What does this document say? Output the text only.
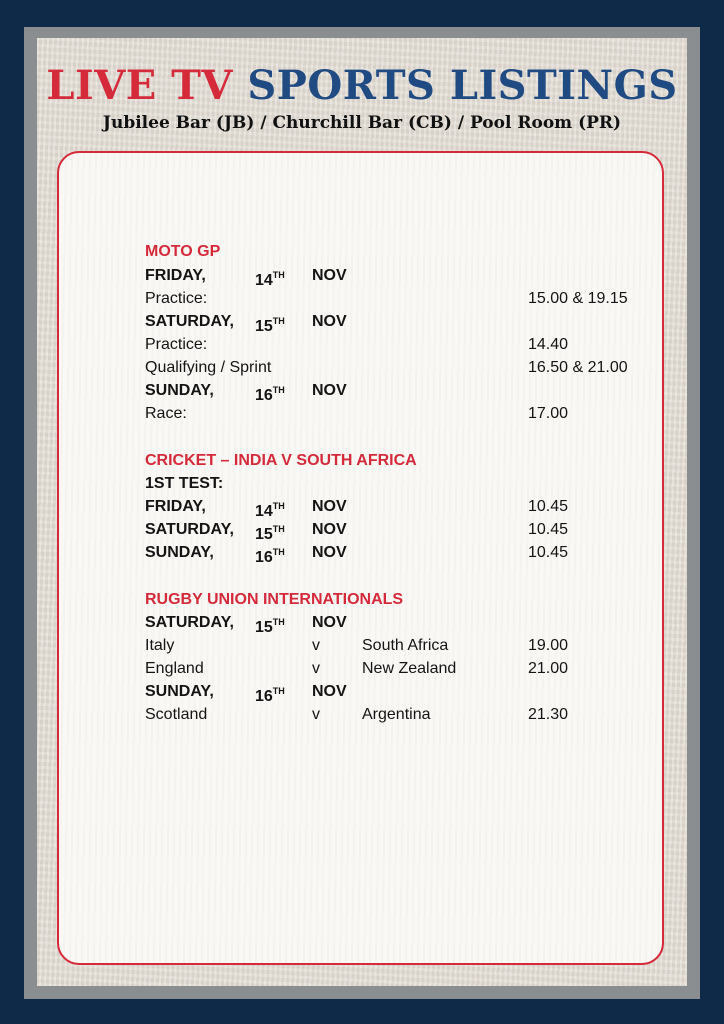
LIVE TV SPORTS LISTINGS
Jubilee Bar (JB) / Churchill Bar (CB) / Pool Room (PR)
MOTO GP
FRIDAY,	14TH NOV
Practice:	15.00 & 19.15
SATURDAY, 15TH NOV
Practice:	14.40
Qualifying / Sprint	16.50 & 21.00
SUNDAY,	16TH NOV
Race:	17.00
CRICKET – INDIA V SOUTH AFRICA
1ST TEST:
FRIDAY,	14TH NOV	10.45
SATURDAY, 15TH NOV	10.45
SUNDAY,	16TH NOV	10.45
RUGBY UNION INTERNATIONALS
SATURDAY, 15TH NOV
Italy	v	South Africa	19.00
England	v	New Zealand	21.00
SUNDAY,	16TH NOV
Scotland	v	Argentina	21.30
